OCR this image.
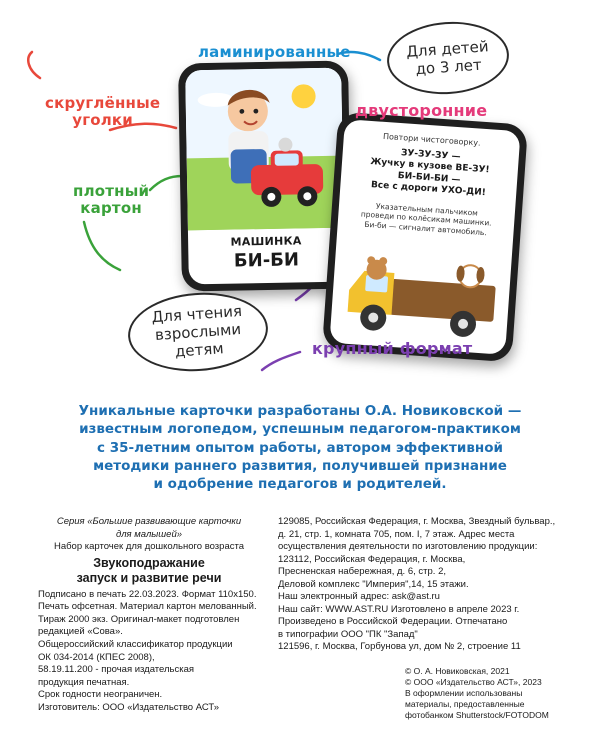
МАШИНКА
БИ-БИ
Повтори чистоговорку.
ЗУ-ЗУ-ЗУ —
Жучку в кузове ВЕ-ЗУ!
БИ-БИ-БИ —
Все с дороги УХО-ДИ!
Указательным пальчиком
проведи по колёсикам машинки.
Би-би — сигналит автомобиль.
ламинированные
скруглённые
уголки
двусторонние
плотный
картон
крупный формат
Для детей
до 3 лет
Для чтения
взрослыми детям
Уникальные карточки разработаны О.А. Новиковской —
известным логопедом, успешным педагогом-практиком
с 35-летним опытом работы, автором эффективной
методики раннего развития, получившей признание
и одобрение педагогов и родителей.
Серия «Большие развивающие карточки
для малышей»
Набор карточек для дошкольного возраста
Звукоподражание
запуск и развитие речи
Подписано в печать 22.03.2023. Формат 110х150.
Печать офсетная. Материал картон мелованный.
Тираж 2000 экз. Оригинал-макет подготовлен
редакцией «Сова».
Общероссийский классификатор продукции
ОК 034-2014 (КПЕС 2008),
58.19.11.200 - прочая издательская
продукция печатная.
Срок годности неограничен.
Изготовитель: ООО «Издательство АСТ»
129085, Российская Федерация, г. Москва, Звездный бульвар.,
д. 21, стр. 1, комната 705, пом. I, 7 этаж. Адрес места
осуществления деятельности по изготовлению продукции:
123112, Российская Федерация, г. Москва,
Пресненская набережная, д. 6, стр. 2,
Деловой комплекс "Империя",14, 15 этажи.
Наш электронный адрес: ask@ast.ru
Наш сайт: WWW.AST.RU Изготовлено в апреле 2023 г.
Произведено в Российской Федерации. Отпечатано
в типографии ООО "ПК "Запад"
121596, г. Москва, Горбунова ул, дом № 2, строение 11
© О. А. Новиковская, 2021
© ООО «Издательство АСТ», 2023
В оформлении использованы
материалы, предоставленные
фотобанком Shutterstock/FOTODOM
